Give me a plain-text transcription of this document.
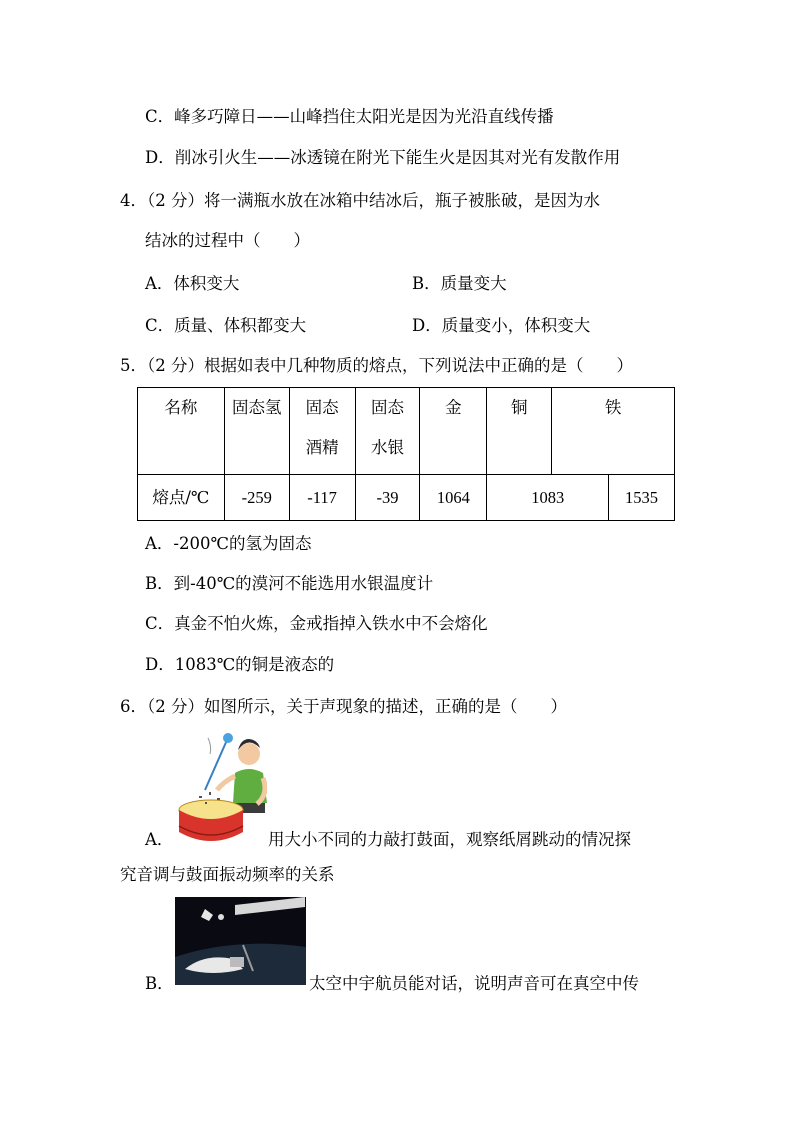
C．峰多巧障日——山峰挡住太阳光是因为光沿直线传播
D．削冰引火生——冰透镜在附光下能生火是因其对光有发散作用
4．（2 分）将一满瓶水放在冰箱中结冰后，瓶子被胀破，是因为水
结冰的过程中（　　）
A．体积变大	B．质量变大
C．质量、体积都变大	D．质量变小，体积变大
5．（2 分）根据如表中几种物质的熔点，下列说法中正确的是（　　）
名称	固态氢	固态酒精	固态水银	金	铜	铁	
熔点/℃	-259	-117	-39	1064	1083		1535
A．-200℃的氢为固态
B．到-40℃的漠河不能选用水银温度计
C．真金不怕火炼，金戒指掉入铁水中不会熔化
D．1083℃的铜是液态的
6．（2 分）如图所示，关于声现象的描述，正确的是（　　）
A．	用大小不同的力敲打鼓面，观察纸屑跳动的情况探
究音调与鼓面振动频率的关系
B．	太空中宇航员能对话，说明声音可在真空中传
